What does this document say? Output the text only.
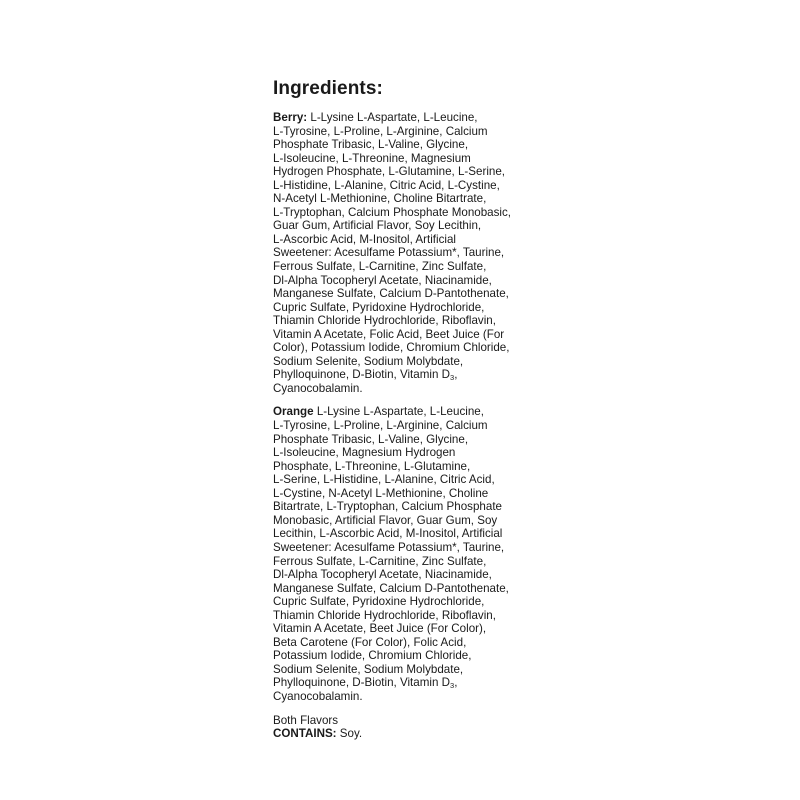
Ingredients:

Berry: L-Lysine L-Aspartate, L-Leucine,
L-Tyrosine, L-Proline, L-Arginine, Calcium
Phosphate Tribasic, L-Valine, Glycine,
L-Isoleucine, L-Threonine, Magnesium
Hydrogen Phosphate, L-Glutamine, L-Serine,
L-Histidine, L-Alanine, Citric Acid, L-Cystine,
N-Acetyl L-Methionine, Choline Bitartrate,
L-Tryptophan, Calcium Phosphate Monobasic,
Guar Gum, Artificial Flavor, Soy Lecithin,
L-Ascorbic Acid, M-Inositol, Artificial
Sweetener: Acesulfame Potassium*, Taurine,
Ferrous Sulfate, L-Carnitine, Zinc Sulfate,
Dl-Alpha Tocopheryl Acetate, Niacinamide,
Manganese Sulfate, Calcium D-Pantothenate,
Cupric Sulfate, Pyridoxine Hydrochloride,
Thiamin Chloride Hydrochloride, Riboflavin,
Vitamin A Acetate, Folic Acid, Beet Juice (For
Color), Potassium Iodide, Chromium Chloride,
Sodium Selenite, Sodium Molybdate,
Phylloquinone, D-Biotin, Vitamin $D_3$,
Cyanocobalamin.

Orange L-Lysine L-Aspartate, L-Leucine,
L-Tyrosine, L-Proline, L-Arginine, Calcium
Phosphate Tribasic, L-Valine, Glycine,
L-Isoleucine, Magnesium Hydrogen
Phosphate, L-Threonine, L-Glutamine,
L-Serine, L-Histidine, L-Alanine, Citric Acid,
L-Cystine, N-Acetyl L-Methionine, Choline
Bitartrate, L-Tryptophan, Calcium Phosphate
Monobasic, Artificial Flavor, Guar Gum, Soy
Lecithin, L-Ascorbic Acid, M-Inositol, Artificial
Sweetener: Acesulfame Potassium*, Taurine,
Ferrous Sulfate, L-Carnitine, Zinc Sulfate,
Dl-Alpha Tocopheryl Acetate, Niacinamide,
Manganese Sulfate, Calcium D-Pantothenate,
Cupric Sulfate, Pyridoxine Hydrochloride,
Thiamin Chloride Hydrochloride, Riboflavin,
Vitamin A Acetate, Beet Juice (For Color),
Beta Carotene (For Color), Folic Acid,
Potassium Iodide, Chromium Chloride,
Sodium Selenite, Sodium Molybdate,
Phylloquinone, D-Biotin, Vitamin $D_3$,
Cyanocobalamin.

Both Flavors
CONTAINS: Soy.
